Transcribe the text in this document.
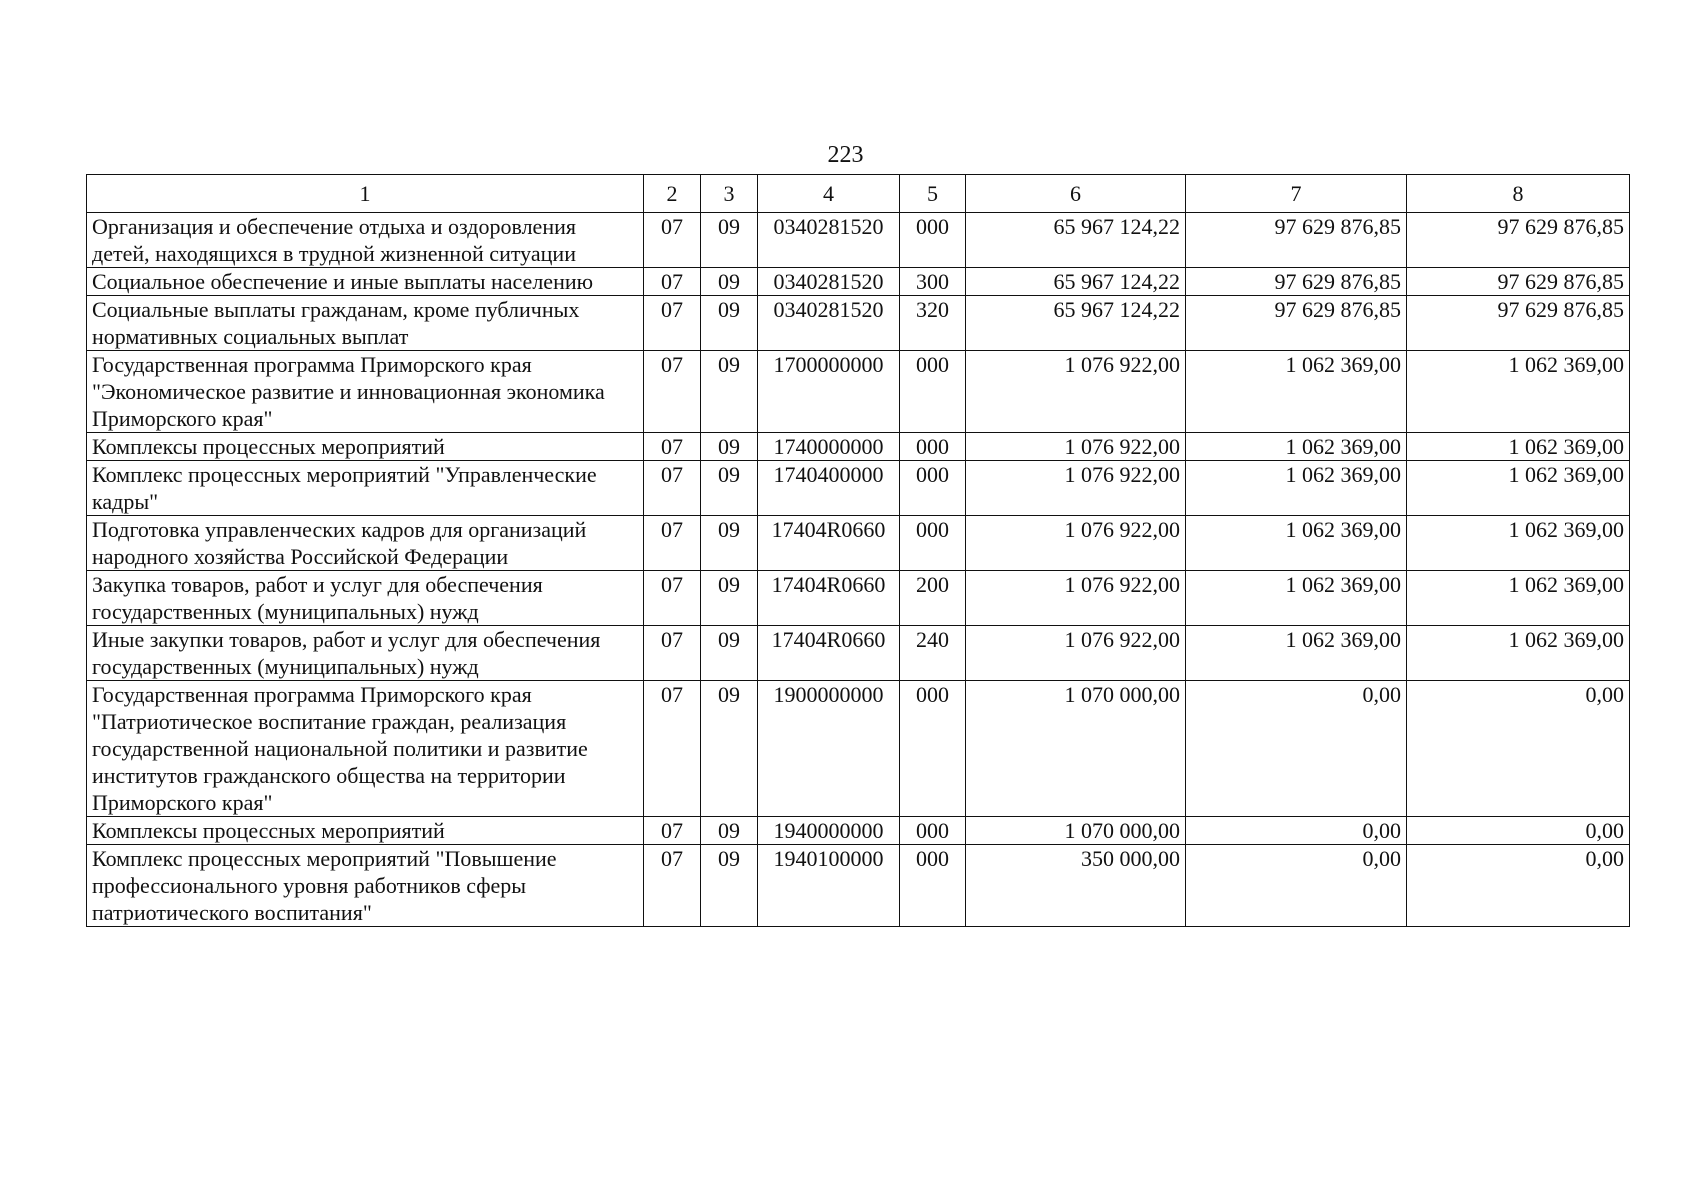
223
1	2	3	4	5	6	7	8
Организация и обеспечение отдыха и оздоровления детей, находящихся в трудной жизненной ситуации	07	09	0340281520	000	65 967 124,22	97 629 876,85	97 629 876,85
Социальное обеспечение и иные выплаты населению	07	09	0340281520	300	65 967 124,22	97 629 876,85	97 629 876,85
Социальные выплаты гражданам, кроме публичных нормативных социальных выплат	07	09	0340281520	320	65 967 124,22	97 629 876,85	97 629 876,85
Государственная программа Приморского края "Экономическое развитие и инновационная экономика Приморского края"	07	09	1700000000	000	1 076 922,00	1 062 369,00	1 062 369,00
Комплексы процессных мероприятий	07	09	1740000000	000	1 076 922,00	1 062 369,00	1 062 369,00
Комплекс процессных мероприятий "Управленческие кадры"	07	09	1740400000	000	1 076 922,00	1 062 369,00	1 062 369,00
Подготовка управленческих кадров для организаций народного хозяйства Российской Федерации	07	09	17404R0660	000	1 076 922,00	1 062 369,00	1 062 369,00
Закупка товаров, работ и услуг для обеспечения государственных (муниципальных) нужд	07	09	17404R0660	200	1 076 922,00	1 062 369,00	1 062 369,00
Иные закупки товаров, работ и услуг для обеспечения государственных (муниципальных) нужд	07	09	17404R0660	240	1 076 922,00	1 062 369,00	1 062 369,00
Государственная программа Приморского края "Патриотическое воспитание граждан, реализация государственной национальной политики и развитие институтов гражданского общества на территории Приморского края"	07	09	1900000000	000	1 070 000,00	0,00	0,00
Комплексы процессных мероприятий	07	09	1940000000	000	1 070 000,00	0,00	0,00
Комплекс процессных мероприятий "Повышение профессионального уровня работников сферы патриотического воспитания"	07	09	1940100000	000	350 000,00	0,00	0,00
